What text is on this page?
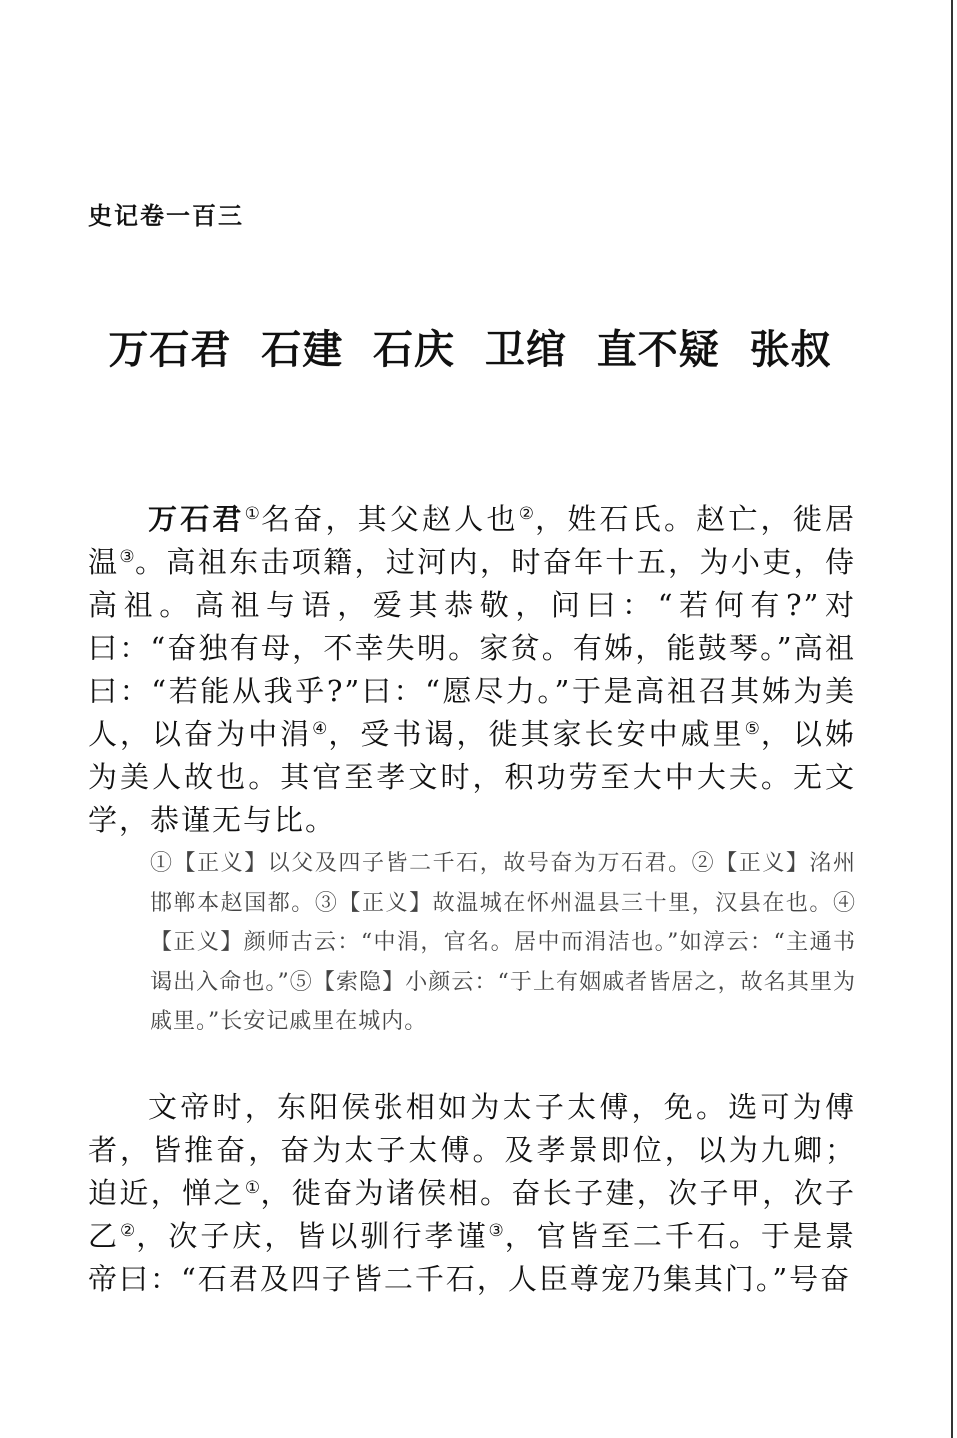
史记卷一百三
万石君  石建  石庆  卫绾  直不疑  张叔

万石君①名奋，其父赵人也②，姓石氏。赵亡，徙居温③。高祖东击项籍，过河内，时奋年十五，为小吏，侍高祖。高祖与语，爱其恭敬，问曰：“若何有?”对曰：“奋独有母，不幸失明。家贫。有姊，能鼓琴。”高祖曰：“若能从我乎?”曰：“愿尽力。”于是高祖召其姊为美人，以奋为中涓④，受书谒，徙其家长安中戚里⑤，以姊为美人故也。其官至孝文时，积功劳至大中大夫。无文学，恭谨无与比。

①【正义】以父及四子皆二千石，故号奋为万石君。②【正义】洺州邯郸本赵国都。③【正义】故温城在怀州温县三十里，汉县在也。④【正义】颜师古云：“中涓，官名。居中而涓洁也。”如淳云：“主通书谒出入命也。”⑤【索隐】小颜云：“于上有姻戚者皆居之，故名其里为戚里。”长安记戚里在城内。

文帝时，东阳侯张相如为太子太傅，免。选可为傅者，皆推奋，奋为太子太傅。及孝景即位，以为九卿；迫近，惮之①，徙奋为诸侯相。奋长子建，次子甲，次子乙②，次子庆，皆以驯行孝谨③，官皆至二千石。于是景帝曰：“石君及四子皆二千石，人臣尊宠乃集其门。”号奋
